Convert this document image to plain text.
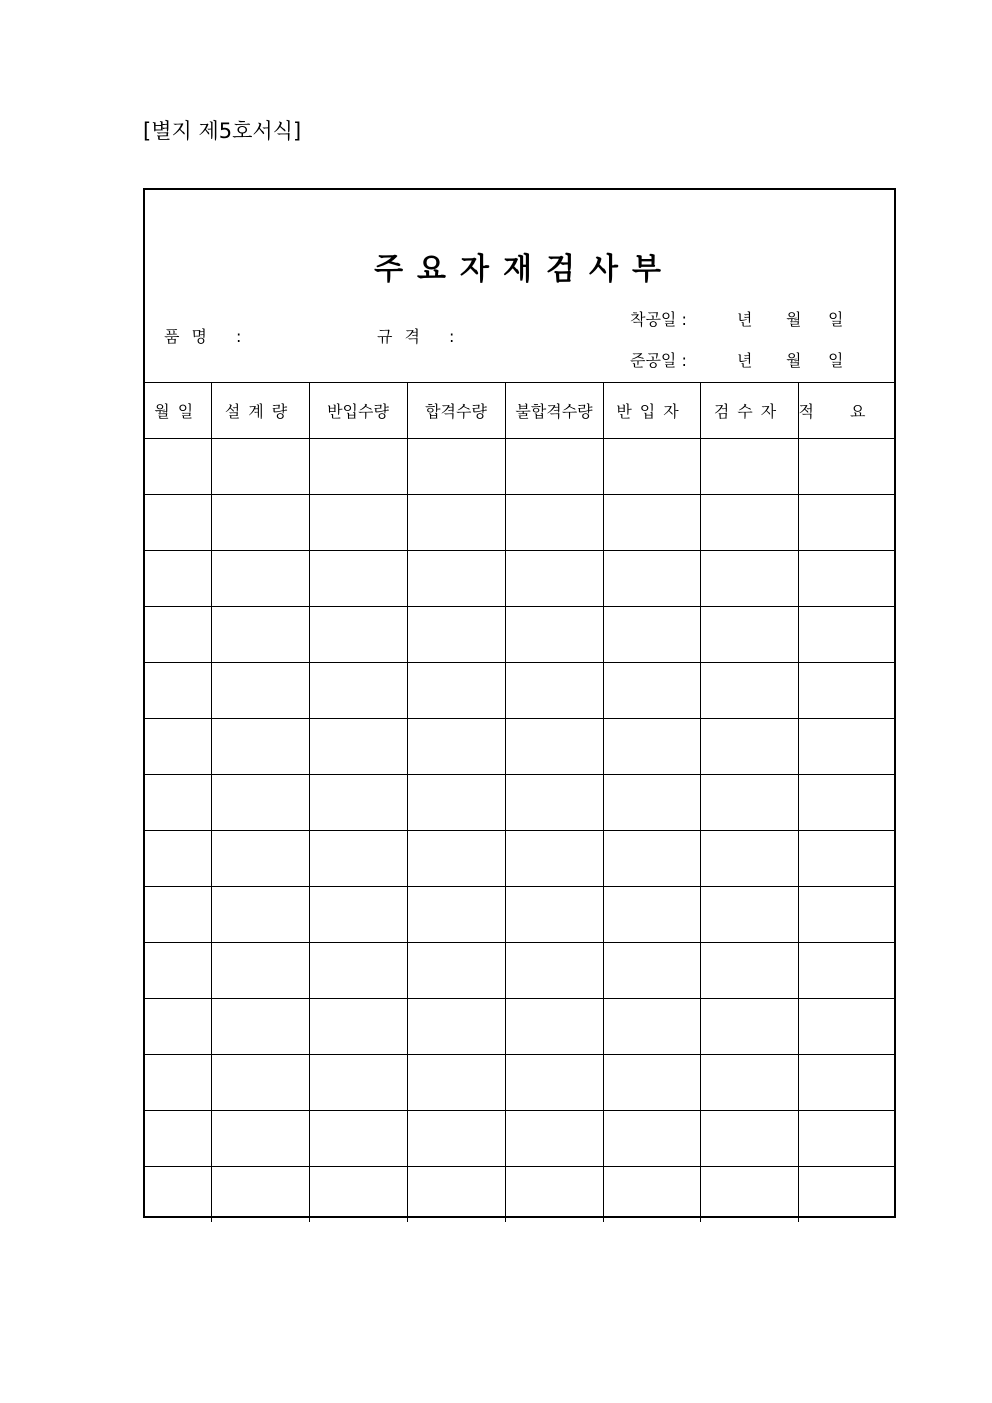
[별지 제5호서식]
주요자재검사부
품명 :	규격 :
착공일 :	년 월 일
준공일 :	년 월 일
월일	설계량	반입수량	합격수량	불합격수량	반입자	검수자	적요
